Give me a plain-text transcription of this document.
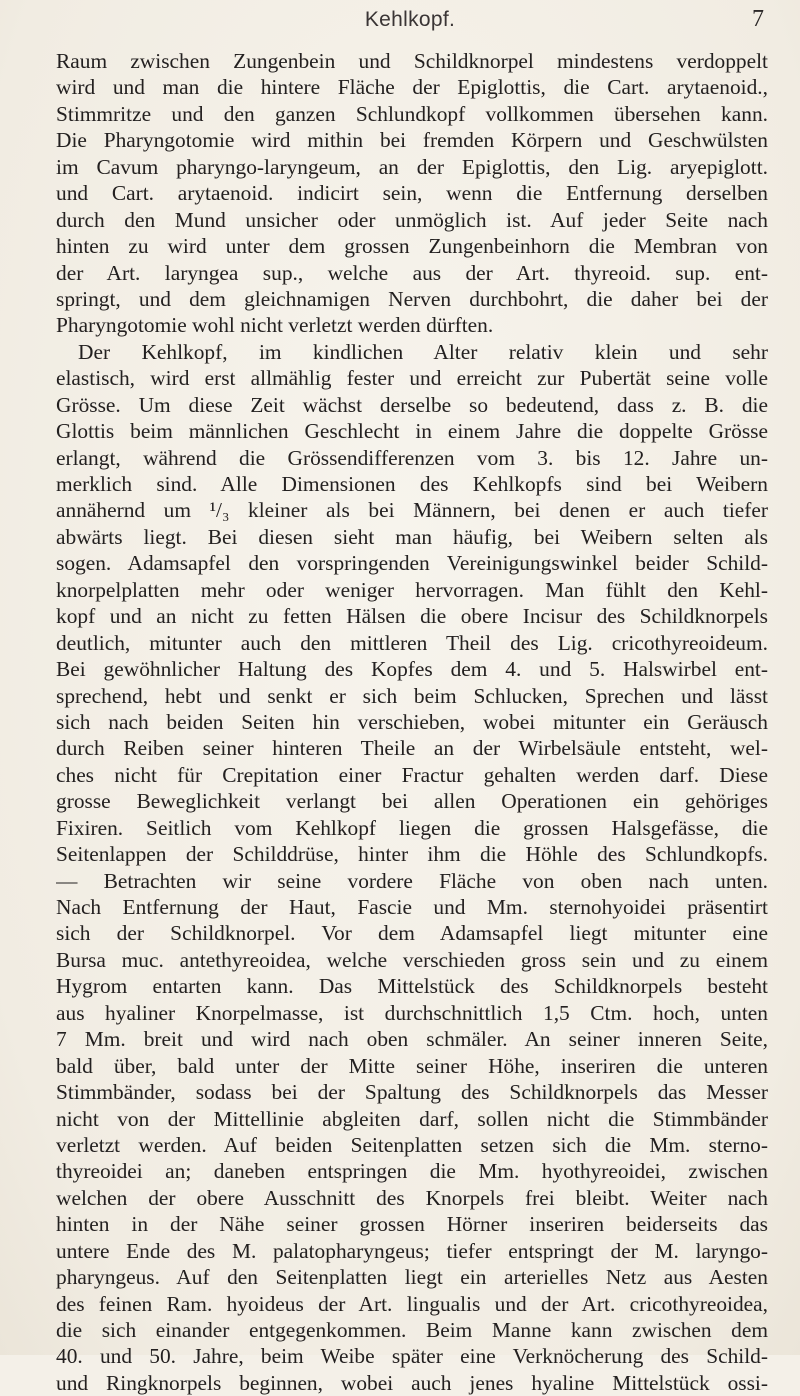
Kehlkopf.	7
Raum zwischen Zungenbein und Schildknorpel mindestens verdoppelt
wird und man die hintere Fläche der Epiglottis, die Cart. arytaenoid.,
Stimmritze und den ganzen Schlundkopf vollkommen übersehen kann.
Die Pharyngotomie wird mithin bei fremden Körpern und Geschwülsten
im Cavum pharyngo-laryngeum, an der Epiglottis, den Lig. aryepiglott.
und Cart. arytaenoid. indicirt sein, wenn die Entfernung derselben
durch den Mund unsicher oder unmöglich ist. Auf jeder Seite nach
hinten zu wird unter dem grossen Zungenbeinhorn die Membran von
der Art. laryngea sup., welche aus der Art. thyreoid. sup. ent-
springt, und dem gleichnamigen Nerven durchbohrt, die daher bei der
Pharyngotomie wohl nicht verletzt werden dürften.
Der Kehlkopf, im kindlichen Alter relativ klein und sehr
elastisch, wird erst allmählig fester und erreicht zur Pubertät seine volle
Grösse. Um diese Zeit wächst derselbe so bedeutend, dass z. B. die
Glottis beim männlichen Geschlecht in einem Jahre die doppelte Grösse
erlangt, während die Grössendifferenzen vom 3. bis 12. Jahre un-
merklich sind. Alle Dimensionen des Kehlkopfs sind bei Weibern
annähernd um ¹/₃ kleiner als bei Männern, bei denen er auch tiefer
abwärts liegt. Bei diesen sieht man häufig, bei Weibern selten als
sogen. Adamsapfel den vorspringenden Vereinigungswinkel beider Schild-
knorpelplatten mehr oder weniger hervorragen. Man fühlt den Kehl-
kopf und an nicht zu fetten Hälsen die obere Incisur des Schildknorpels
deutlich, mitunter auch den mittleren Theil des Lig. cricothyreoideum.
Bei gewöhnlicher Haltung des Kopfes dem 4. und 5. Halswirbel ent-
sprechend, hebt und senkt er sich beim Schlucken, Sprechen und lässt
sich nach beiden Seiten hin verschieben, wobei mitunter ein Geräusch
durch Reiben seiner hinteren Theile an der Wirbelsäule entsteht, wel-
ches nicht für Crepitation einer Fractur gehalten werden darf. Diese
grosse Beweglichkeit verlangt bei allen Operationen ein gehöriges
Fixiren. Seitlich vom Kehlkopf liegen die grossen Halsgefässe, die
Seitenlappen der Schilddrüse, hinter ihm die Höhle des Schlundkopfs.
— Betrachten wir seine vordere Fläche von oben nach unten.
Nach Entfernung der Haut, Fascie und Mm. sternohyoidei präsentirt
sich der Schildknorpel. Vor dem Adamsapfel liegt mitunter eine
Bursa muc. antethyreoidea, welche verschieden gross sein und zu einem
Hygrom entarten kann. Das Mittelstück des Schildknorpels besteht
aus hyaliner Knorpelmasse, ist durchschnittlich 1,5 Ctm. hoch, unten
7 Mm. breit und wird nach oben schmäler. An seiner inneren Seite,
bald über, bald unter der Mitte seiner Höhe, inseriren die unteren
Stimmbänder, sodass bei der Spaltung des Schildknorpels das Messer
nicht von der Mittellinie abgleiten darf, sollen nicht die Stimmbänder
verletzt werden. Auf beiden Seitenplatten setzen sich die Mm. sterno-
thyreoidei an; daneben entspringen die Mm. hyothyreoidei, zwischen
welchen der obere Ausschnitt des Knorpels frei bleibt. Weiter nach
hinten in der Nähe seiner grossen Hörner inseriren beiderseits das
untere Ende des M. palatopharyngeus; tiefer entspringt der M. laryngo-
pharyngeus. Auf den Seitenplatten liegt ein arterielles Netz aus Aesten
des feinen Ram. hyoideus der Art. lingualis und der Art. cricothyreoidea,
die sich einander entgegenkommen. Beim Manne kann zwischen dem
40. und 50. Jahre, beim Weibe später eine Verknöcherung des Schild-
und Ringknorpels beginnen, wobei auch jenes hyaline Mittelstück ossi-
